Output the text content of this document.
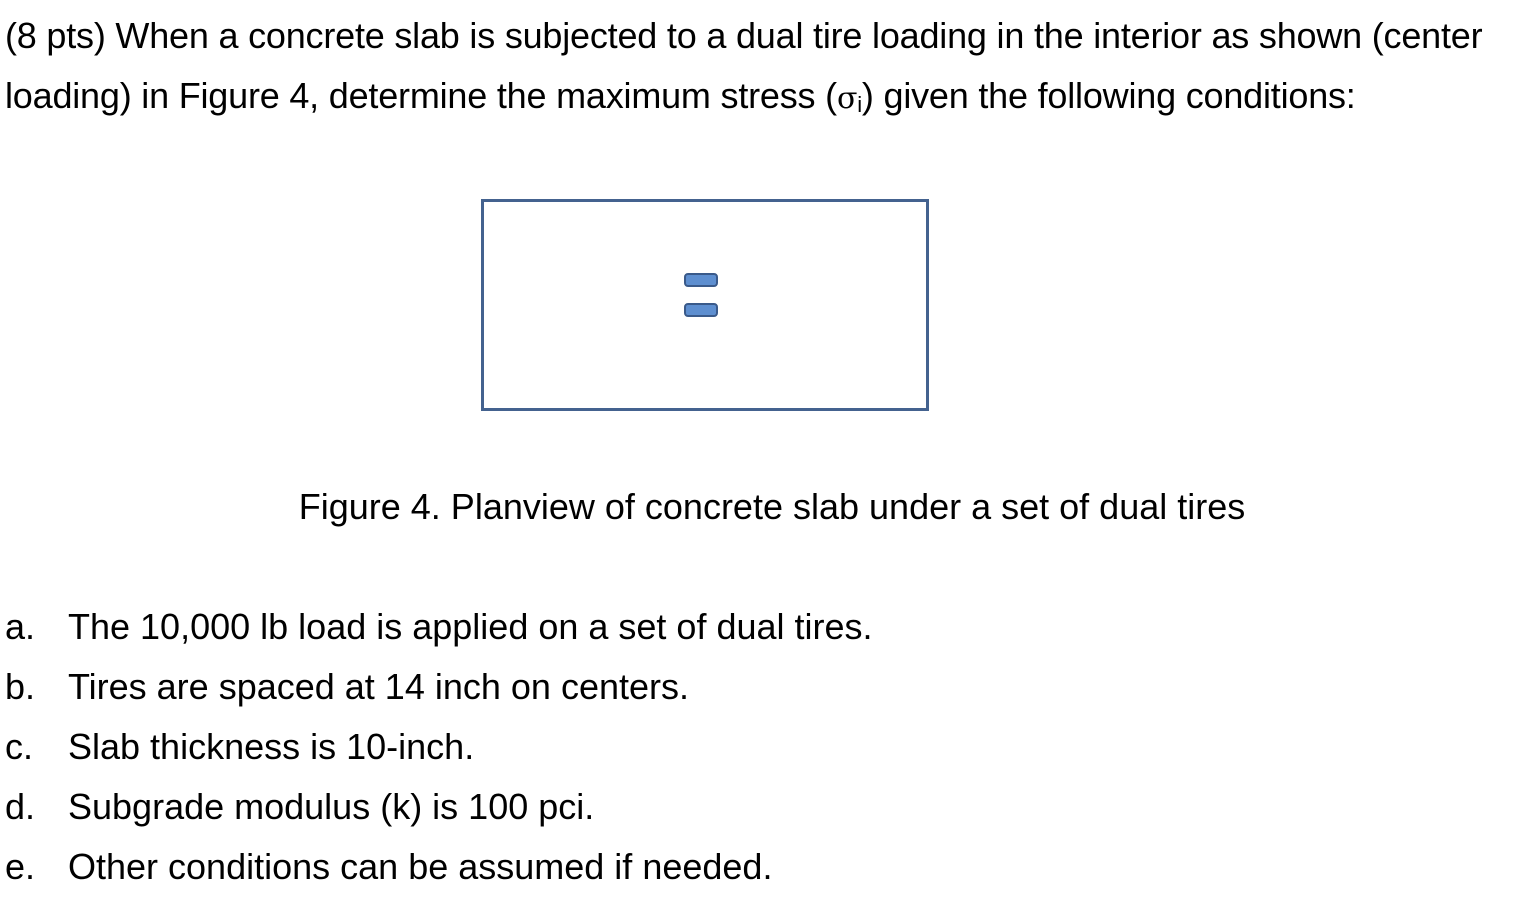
(8 pts) When a concrete slab is subjected to a dual tire loading in the interior as shown (center loading) in Figure 4, determine the maximum stress (σi) given the following conditions:

Figure 4. Planview of concrete slab under a set of dual tires

a. The 10,000 lb load is applied on a set of dual tires.
b. Tires are spaced at 14 inch on centers.
c. Slab thickness is 10-inch.
d. Subgrade modulus (k) is 100 pci.
e. Other conditions can be assumed if needed.
